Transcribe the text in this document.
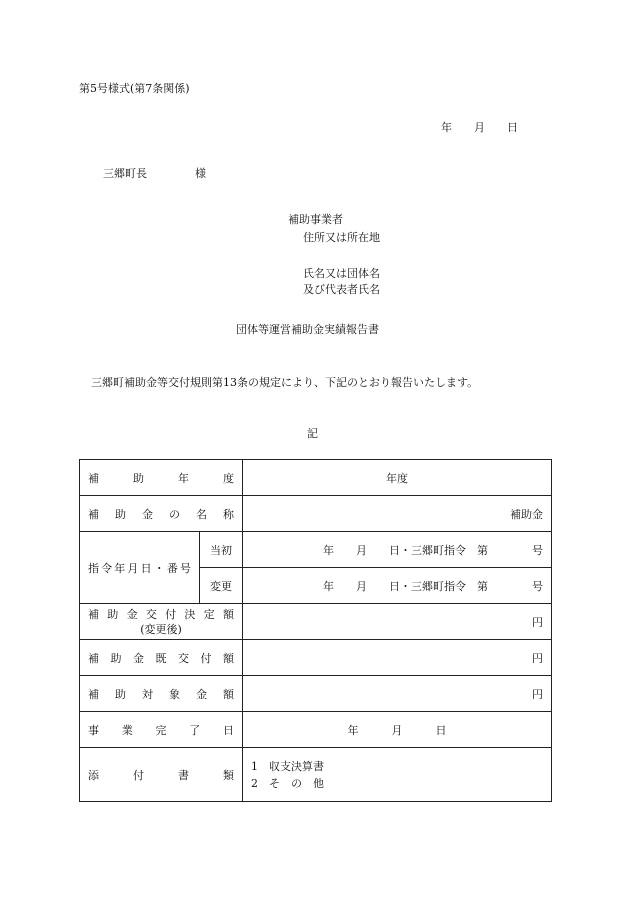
第5号様式(第7条関係)
年 月 日
三郷町長	様
補助事業者
住所又は所在地
氏名又は団体名
及び代表者氏名
団体等運営補助金実績報告書
三郷町補助金等交付規則第13条の規定により、下記のとおり報告いたします。
記
補助年度		年度
補助金の名称		補助金
指令年月日・番号	当初	年　　月　　日・三郷町指令　第　　　　号
	変更	年　　月　　日・三郷町指令　第　　　　号

補助金交付決定額
(変更後)		円
補助金既交付額		円
補助対象金額		円
事業完了日		年　　　月　　　日
添付書類		1　収支決算書
2　そ　の　他
